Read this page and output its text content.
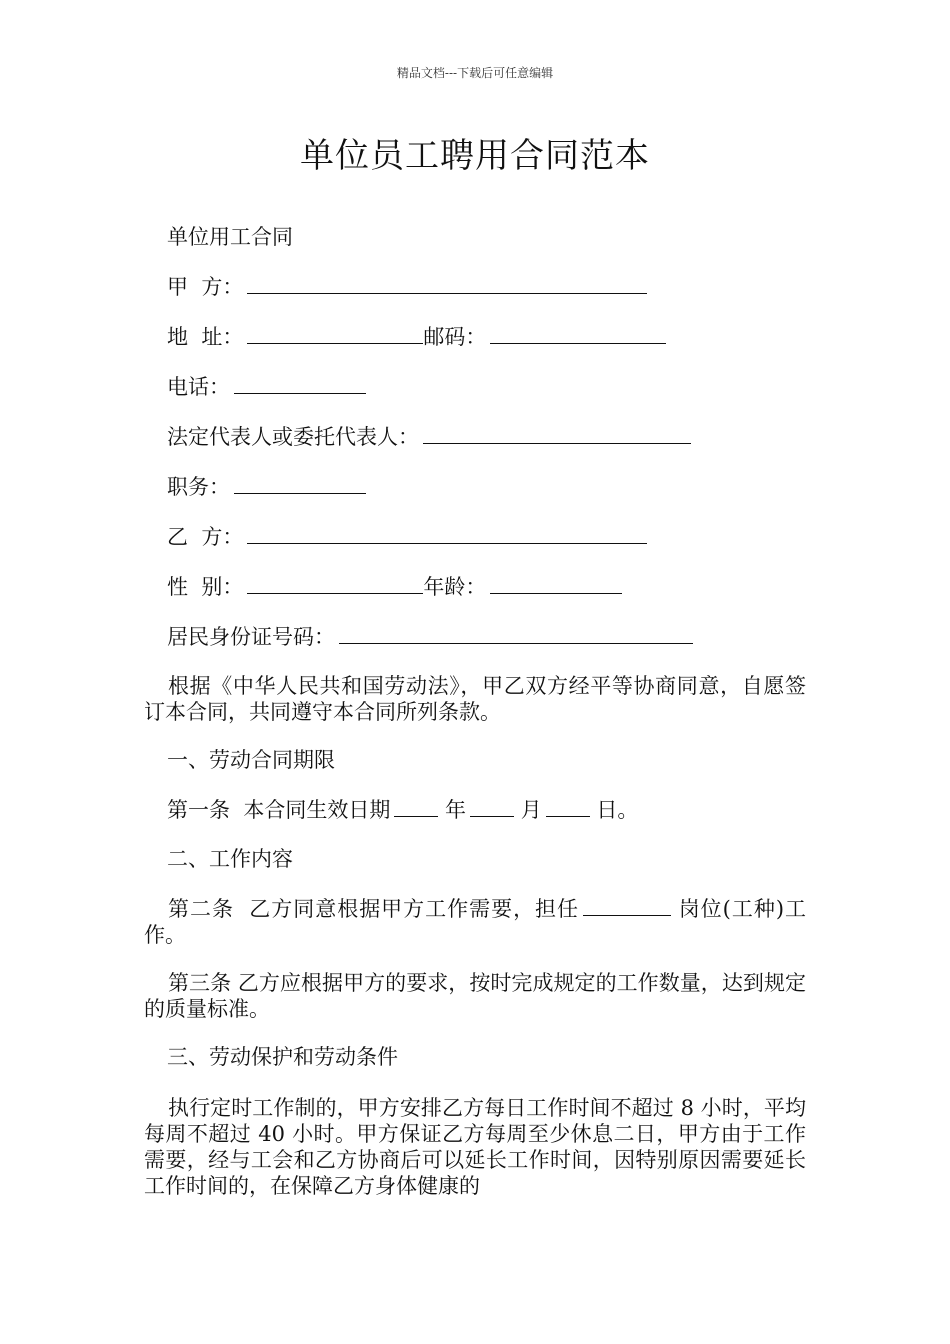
精品文档---下载后可任意编辑
单位员工聘用合同范本
单位用工合同
甲  方：
地  址：	邮码：
电话：
法定代表人或委托代表人：
职务：
乙  方：
性  别：	年龄：
居民身份证号码：
根据《中华人民共和国劳动法》，甲乙双方经平等协商同意，自愿签订本合同，共同遵守本合同所列条款。
一、劳动合同期限
第一条  本合同生效日期	年	月	日。
二、工作内容
第二条  乙方同意根据甲方工作需要，担任	岗位(工种)工作。
第三条 乙方应根据甲方的要求，按时完成规定的工作数量，达到规定的质量标准。
三、劳动保护和劳动条件
执行定时工作制的，甲方安排乙方每日工作时间不超过 8 小时，平均每周不超过 40 小时。甲方保证乙方每周至少休息二日，甲方由于工作需要，经与工会和乙方协商后可以延长工作时间，因特别原因需要延长工作时间的，在保障乙方身体健康的
